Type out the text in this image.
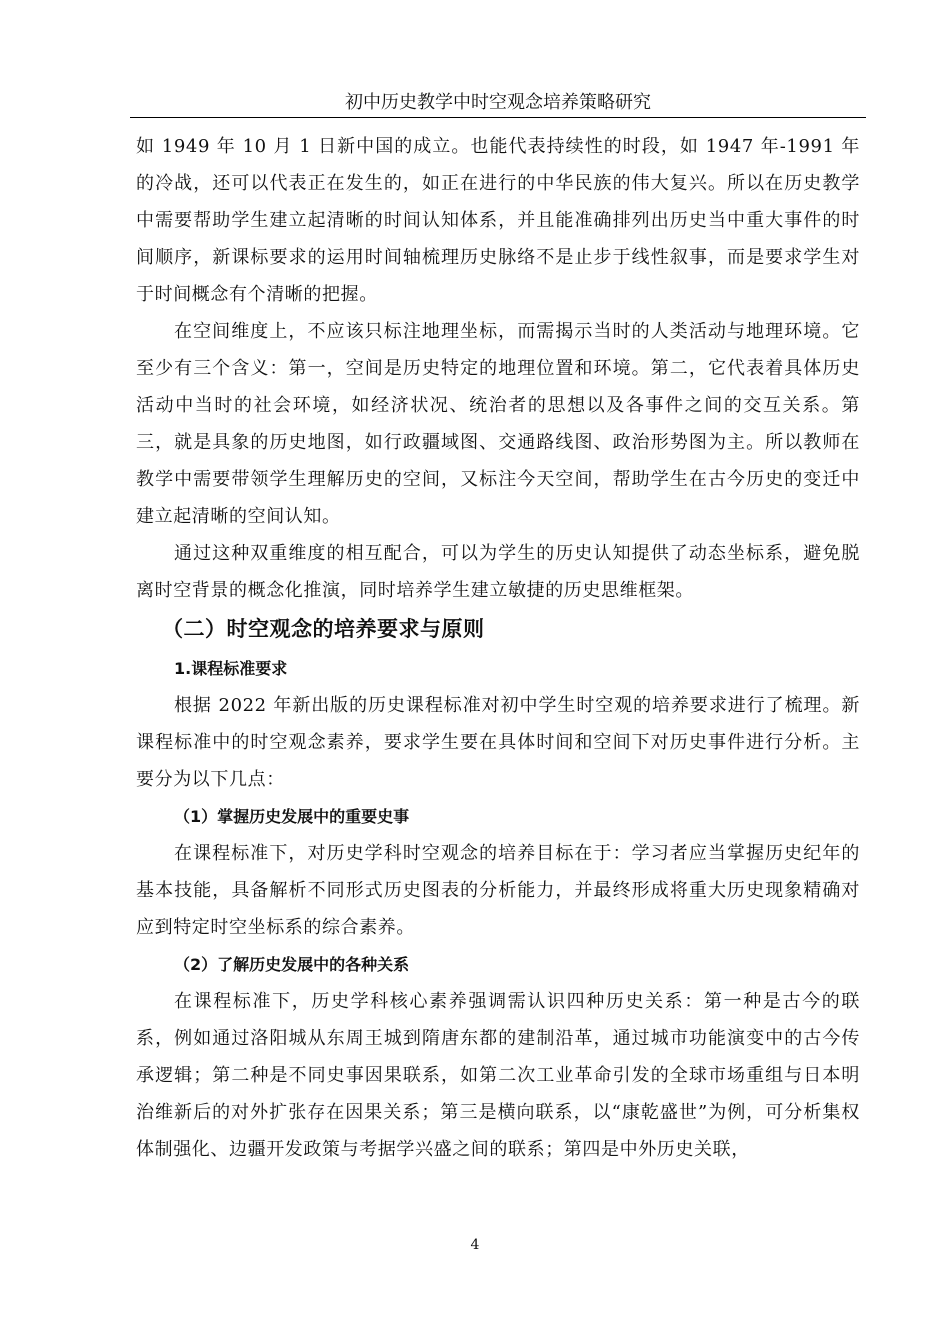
初中历史教学中时空观念培养策略研究

如 1949 年 10 月 1 日新中国的成立。也能代表持续性的时段，如 1947 年-1991 年的冷战，还可以代表正在发生的，如正在进行的中华民族的伟大复兴。所以在历史教学中需要帮助学生建立起清晰的时间认知体系，并且能准确排列出历史当中重大事件的时间顺序，新课标要求的运用时间轴梳理历史脉络不是止步于线性叙事，而是要求学生对于时间概念有个清晰的把握。

在空间维度上，不应该只标注地理坐标，而需揭示当时的人类活动与地理环境。它至少有三个含义：第一，空间是历史特定的地理位置和环境。第二，它代表着具体历史活动中当时的社会环境，如经济状况、统治者的思想以及各事件之间的交互关系。第三，就是具象的历史地图，如行政疆域图、交通路线图、政治形势图为主。所以教师在教学中需要带领学生理解历史的空间，又标注今天空间，帮助学生在古今历史的变迁中建立起清晰的空间认知。

通过这种双重维度的相互配合，可以为学生的历史认知提供了动态坐标系，避免脱离时空背景的概念化推演，同时培养学生建立敏捷的历史思维框架。

（二）时空观念的培养要求与原则
1.课程标准要求

根据 2022 年新出版的历史课程标准对初中学生时空观的培养要求进行了梳理。新课程标准中的时空观念素养，要求学生要在具体时间和空间下对历史事件进行分析。主要分为以下几点：

（1）掌握历史发展中的重要史事

在课程标准下，对历史学科时空观念的培养目标在于：学习者应当掌握历史纪年的基本技能，具备解析不同形式历史图表的分析能力，并最终形成将重大历史现象精确对应到特定时空坐标系的综合素养。

（2）了解历史发展中的各种关系

在课程标准下，历史学科核心素养强调需认识四种历史关系：第一种是古今的联系，例如通过洛阳城从东周王城到隋唐东都的建制沿革，通过城市功能演变中的古今传承逻辑；第二种是不同史事因果联系，如第二次工业革命引发的全球市场重组与日本明治维新后的对外扩张存在因果关系；第三是横向联系，以“康乾盛世”为例，可分析集权体制强化、边疆开发政策与考据学兴盛之间的联系；第四是中外历史关联，

4
